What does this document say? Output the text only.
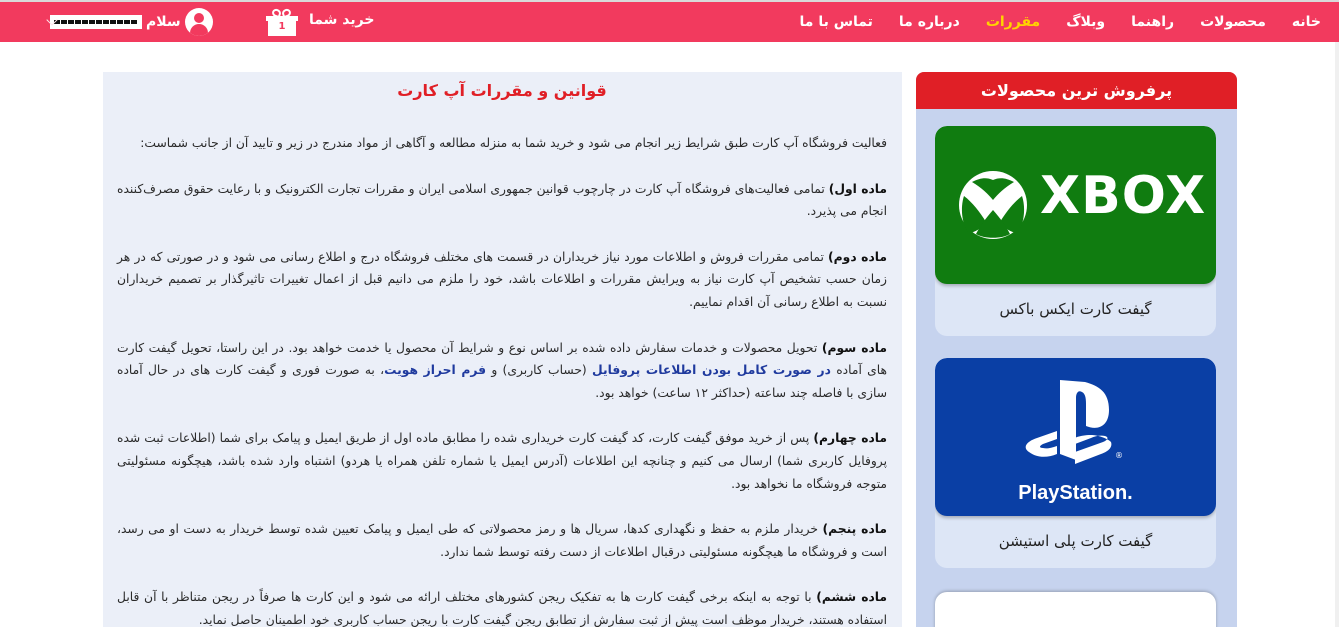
خانه
محصولات
راهنما
وبلاگ
مقررات
درباره ما
تماس با ما
خرید شما
1
سلام
قوانین و مقررات آپ کارت

فعالیت فروشگاه آپ کارت طبق شرایط زیر انجام می شود و خرید شما به منزله مطالعه و آگاهی از مواد مندرج در زیر و تایید آن از جانب شماست:

ماده اول) تمامی فعالیت‌های فروشگاه آپ کارت در چارچوب قوانین جمهوری اسلامی ایران و مقررات تجارت الکترونیک و با رعایت حقوق مصرف‌کننده انجام می پذیرد.

ماده دوم) تمامی مقررات فروش و اطلاعات مورد نیاز خریداران در قسمت های مختلف فروشگاه درج و اطلاع رسانی می شود و در صورتی که در هر زمان حسب تشخیص آپ کارت نیاز به ویرایش مقررات و اطلاعات باشد، خود را ملزم می دانیم قبل از اعمال تغییرات تاثیرگذار بر تصمیم خریداران نسبت به اطلاع رسانی آن اقدام نماییم.

ماده سوم) تحویل محصولات و خدمات سفارش داده شده بر اساس نوع و شرایط آن محصول یا خدمت خواهد بود. در این راستا، تحویل گیفت کارت های آماده در صورت کامل بودن اطلاعات پروفایل (حساب کاربری) و فرم احراز هویت، به صورت فوری و گیفت کارت های در حال آماده سازی با فاصله چند ساعته (حداکثر ۱۲ ساعت) خواهد بود.

ماده چهارم) پس از خرید موفق گیفت کارت، کد گیفت کارت خریداری شده را مطابق ماده اول از طریق ایمیل و پیامک برای شما (اطلاعات ثبت شده پروفایل کاربری شما) ارسال می کنیم و چنانچه این اطلاعات (آدرس ایمیل یا شماره تلفن همراه یا هردو) اشتباه وارد شده باشد، هیچگونه مسئولیتی متوجه فروشگاه ما نخواهد بود.

ماده پنجم) خریدار ملزم به حفظ و نگهداری کدها، سریال ها و رمز محصولاتی که طی ایمیل و پیامک تعیین شده توسط خریدار به دست او می رسد، است و فروشگاه ما هیچگونه مسئولیتی درقبال اطلاعات از دست رفته توسط شما ندارد.

ماده ششم) با توجه به اینکه برخی گیفت کارت ها به تفکیک ریجن کشورهای مختلف ارائه می شود و این کارت ها صرفاً در ریجن متناظر با آن قابل استفاده هستند، خریدار موظف است پیش از ثبت سفارش از تطابق ریجن گیفت کارت با ریجن حساب کاربری خود اطمینان حاصل نماید.

پرفروش ترین محصولات
XBOX
گیفت کارت ایکس باکس
®
PlayStation.
گیفت کارت پلی استیشن
